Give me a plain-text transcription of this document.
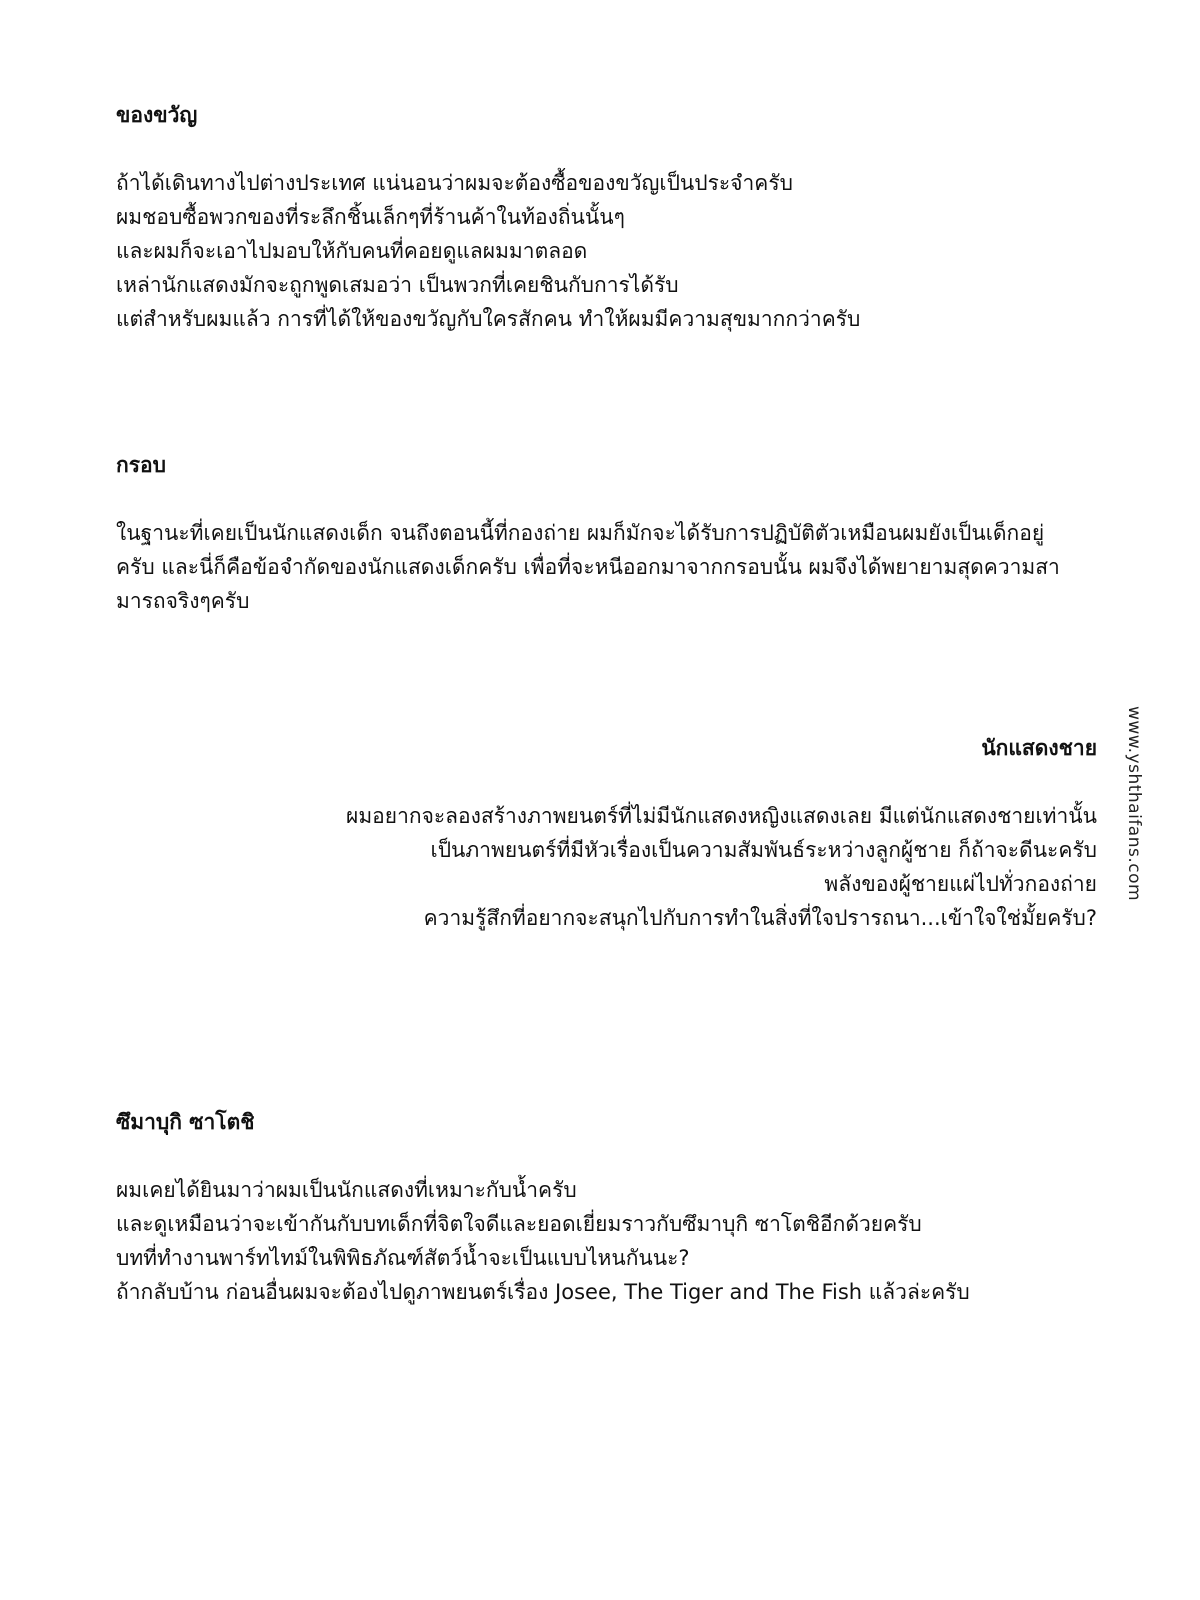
ของขวัญ

ถ้าได้เดินทางไปต่างประเทศ แน่นอนว่าผมจะต้องซื้อของขวัญเป็นประจำครับ
ผมชอบซื้อพวกของที่ระลึกชิ้นเล็กๆที่ร้านค้าในท้องถิ่นนั้นๆ
และผมก็จะเอาไปมอบให้กับคนที่คอยดูแลผมมาตลอด
เหล่านักแสดงมักจะถูกพูดเสมอว่า เป็นพวกที่เคยชินกับการได้รับ
แต่สำหรับผมแล้ว การที่ได้ให้ของขวัญกับใครสักคน ทำให้ผมมีความสุขมากกว่าครับ

กรอบ

ในฐานะที่เคยเป็นนักแสดงเด็ก จนถึงตอนนี้ที่กองถ่าย ผมก็มักจะได้รับการปฏิบัติตัวเหมือนผมยังเป็นเด็กอยู่ครับ และนี่ก็คือข้อจำกัดของนักแสดงเด็กครับ เพื่อที่จะหนีออกมาจากกรอบนั้น ผมจึงได้พยายามสุดความสามารถจริงๆครับ

นักแสดงชาย

ผมอยากจะลองสร้างภาพยนตร์ที่ไม่มีนักแสดงหญิงแสดงเลย มีแต่นักแสดงชายเท่านั้น
เป็นภาพยนตร์ที่มีหัวเรื่องเป็นความสัมพันธ์ระหว่างลูกผู้ชาย ก็ถ้าจะดีนะครับ
พลังของผู้ชายแผ่ไปทั่วกองถ่าย
ความรู้สึกที่อยากจะสนุกไปกับการทำในสิ่งที่ใจปรารถนา...เข้าใจใช่มั้ยครับ?

ซึมาบุกิ ซาโตชิ

ผมเคยได้ยินมาว่าผมเป็นนักแสดงที่เหมาะกับน้ำครับ
และดูเหมือนว่าจะเข้ากันกับบทเด็กที่จิตใจดีและยอดเยี่ยมราวกับซึมาบุกิ ซาโตชิอีกด้วยครับ
บทที่ทำงานพาร์ทไทม์ในพิพิธภัณฑ์สัตว์น้ำจะเป็นแบบไหนกันนะ?
ถ้ากลับบ้าน ก่อนอื่นผมจะต้องไปดูภาพยนตร์เรื่อง Josee, The Tiger and The Fish แล้วล่ะครับ

www.yshthaifans.com
